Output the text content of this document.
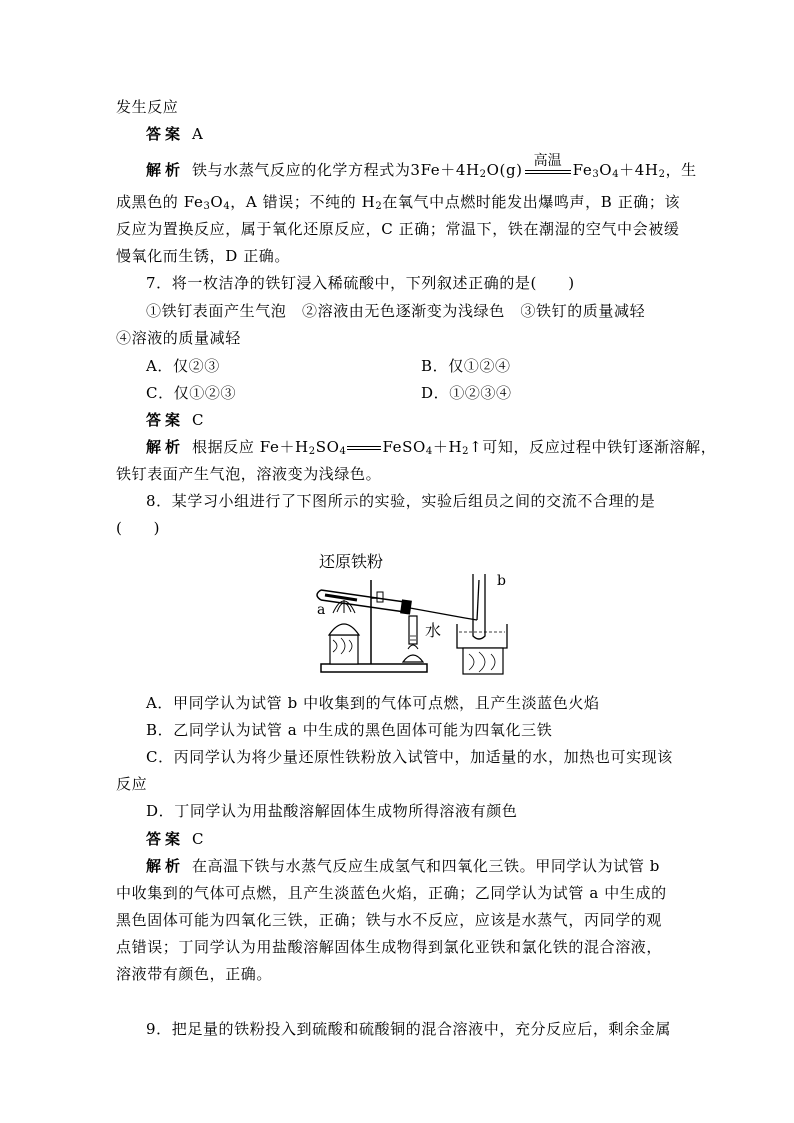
发生反应
答案 A
解析 铁与水蒸气反应的化学方程式为$3Fe+4H_2O(g)$ 高温 $Fe_3O_4+4H_2$，生
成黑色的 $Fe_3O_4$，A 错误；不纯的 $H_2$在氧气中点燃时能发出爆鸣声，B 正确；该
反应为置换反应，属于氧化还原反应，C 正确；常温下，铁在潮湿的空气中会被缓
慢氧化而生锈，D 正确。
7．将一枚洁净的铁钉浸入稀硫酸中，下列叙述正确的是(　　)
①铁钉表面产生气泡　②溶液由无色逐渐变为浅绿色　③铁钉的质量减轻
④溶液的质量减轻
A．仅②③	B．仅①②④
C．仅①②③	D．①②③④
答案 C
解析 根据反应 $Fe+H_2SO_4$ $FeSO_4+H_2↑$可知，反应过程中铁钉逐渐溶解，
铁钉表面产生气泡，溶液变为浅绿色。
8．某学习小组进行了下图所示的实验，实验后组员之间的交流不合理的是
(　　)
还原铁粉
a
b
水
A．甲同学认为试管 b 中收集到的气体可点燃，且产生淡蓝色火焰
B．乙同学认为试管 a 中生成的黑色固体可能为四氧化三铁
C．丙同学认为将少量还原性铁粉放入试管中，加适量的水，加热也可实现该
反应
D．丁同学认为用盐酸溶解固体生成物所得溶液有颜色
答案 C
解析 在高温下铁与水蒸气反应生成氢气和四氧化三铁。甲同学认为试管 b
中收集到的气体可点燃，且产生淡蓝色火焰，正确；乙同学认为试管 a 中生成的
黑色固体可能为四氧化三铁，正确；铁与水不反应，应该是水蒸气，丙同学的观
点错误；丁同学认为用盐酸溶解固体生成物得到氯化亚铁和氯化铁的混合溶液，
溶液带有颜色，正确。
9．把足量的铁粉投入到硫酸和硫酸铜的混合溶液中，充分反应后，剩余金属
